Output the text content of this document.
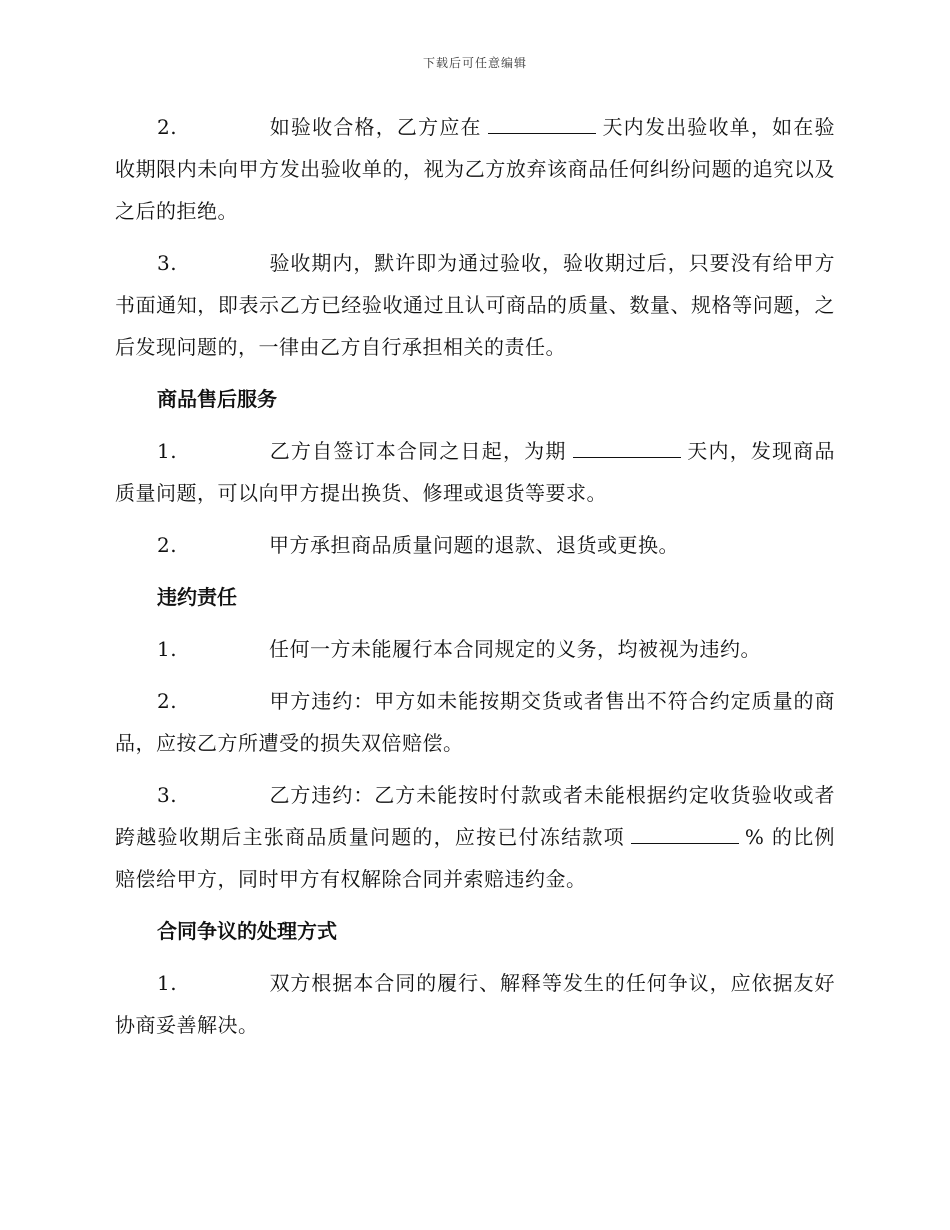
下载后可任意编辑

2.	如验收合格，乙方应在	天内发出验收单，如在验收期限内未向甲方发出验收单的，视为乙方放弃该商品任何纠纷问题的追究以及之后的拒绝。

3.	验收期内，默许即为通过验收，验收期过后，只要没有给甲方书面通知，即表示乙方已经验收通过且认可商品的质量、数量、规格等问题，之后发现问题的，一律由乙方自行承担相关的责任。

商品售后服务

1.	乙方自签订本合同之日起，为期	天内，发现商品质量问题，可以向甲方提出换货、修理或退货等要求。

2.	甲方承担商品质量问题的退款、退货或更换。

违约责任

1.	任何一方未能履行本合同规定的义务，均被视为违约。

2.	甲方违约：甲方如未能按期交货或者售出不符合约定质量的商品，应按乙方所遭受的损失双倍赔偿。

3.	乙方违约：乙方未能按时付款或者未能根据约定收货验收或者跨越验收期后主张商品质量问题的，应按已付冻结款项	% 的比例赔偿给甲方，同时甲方有权解除合同并索赔违约金。

合同争议的处理方式

1.	双方根据本合同的履行、解释等发生的任何争议，应依据友好协商妥善解决。
